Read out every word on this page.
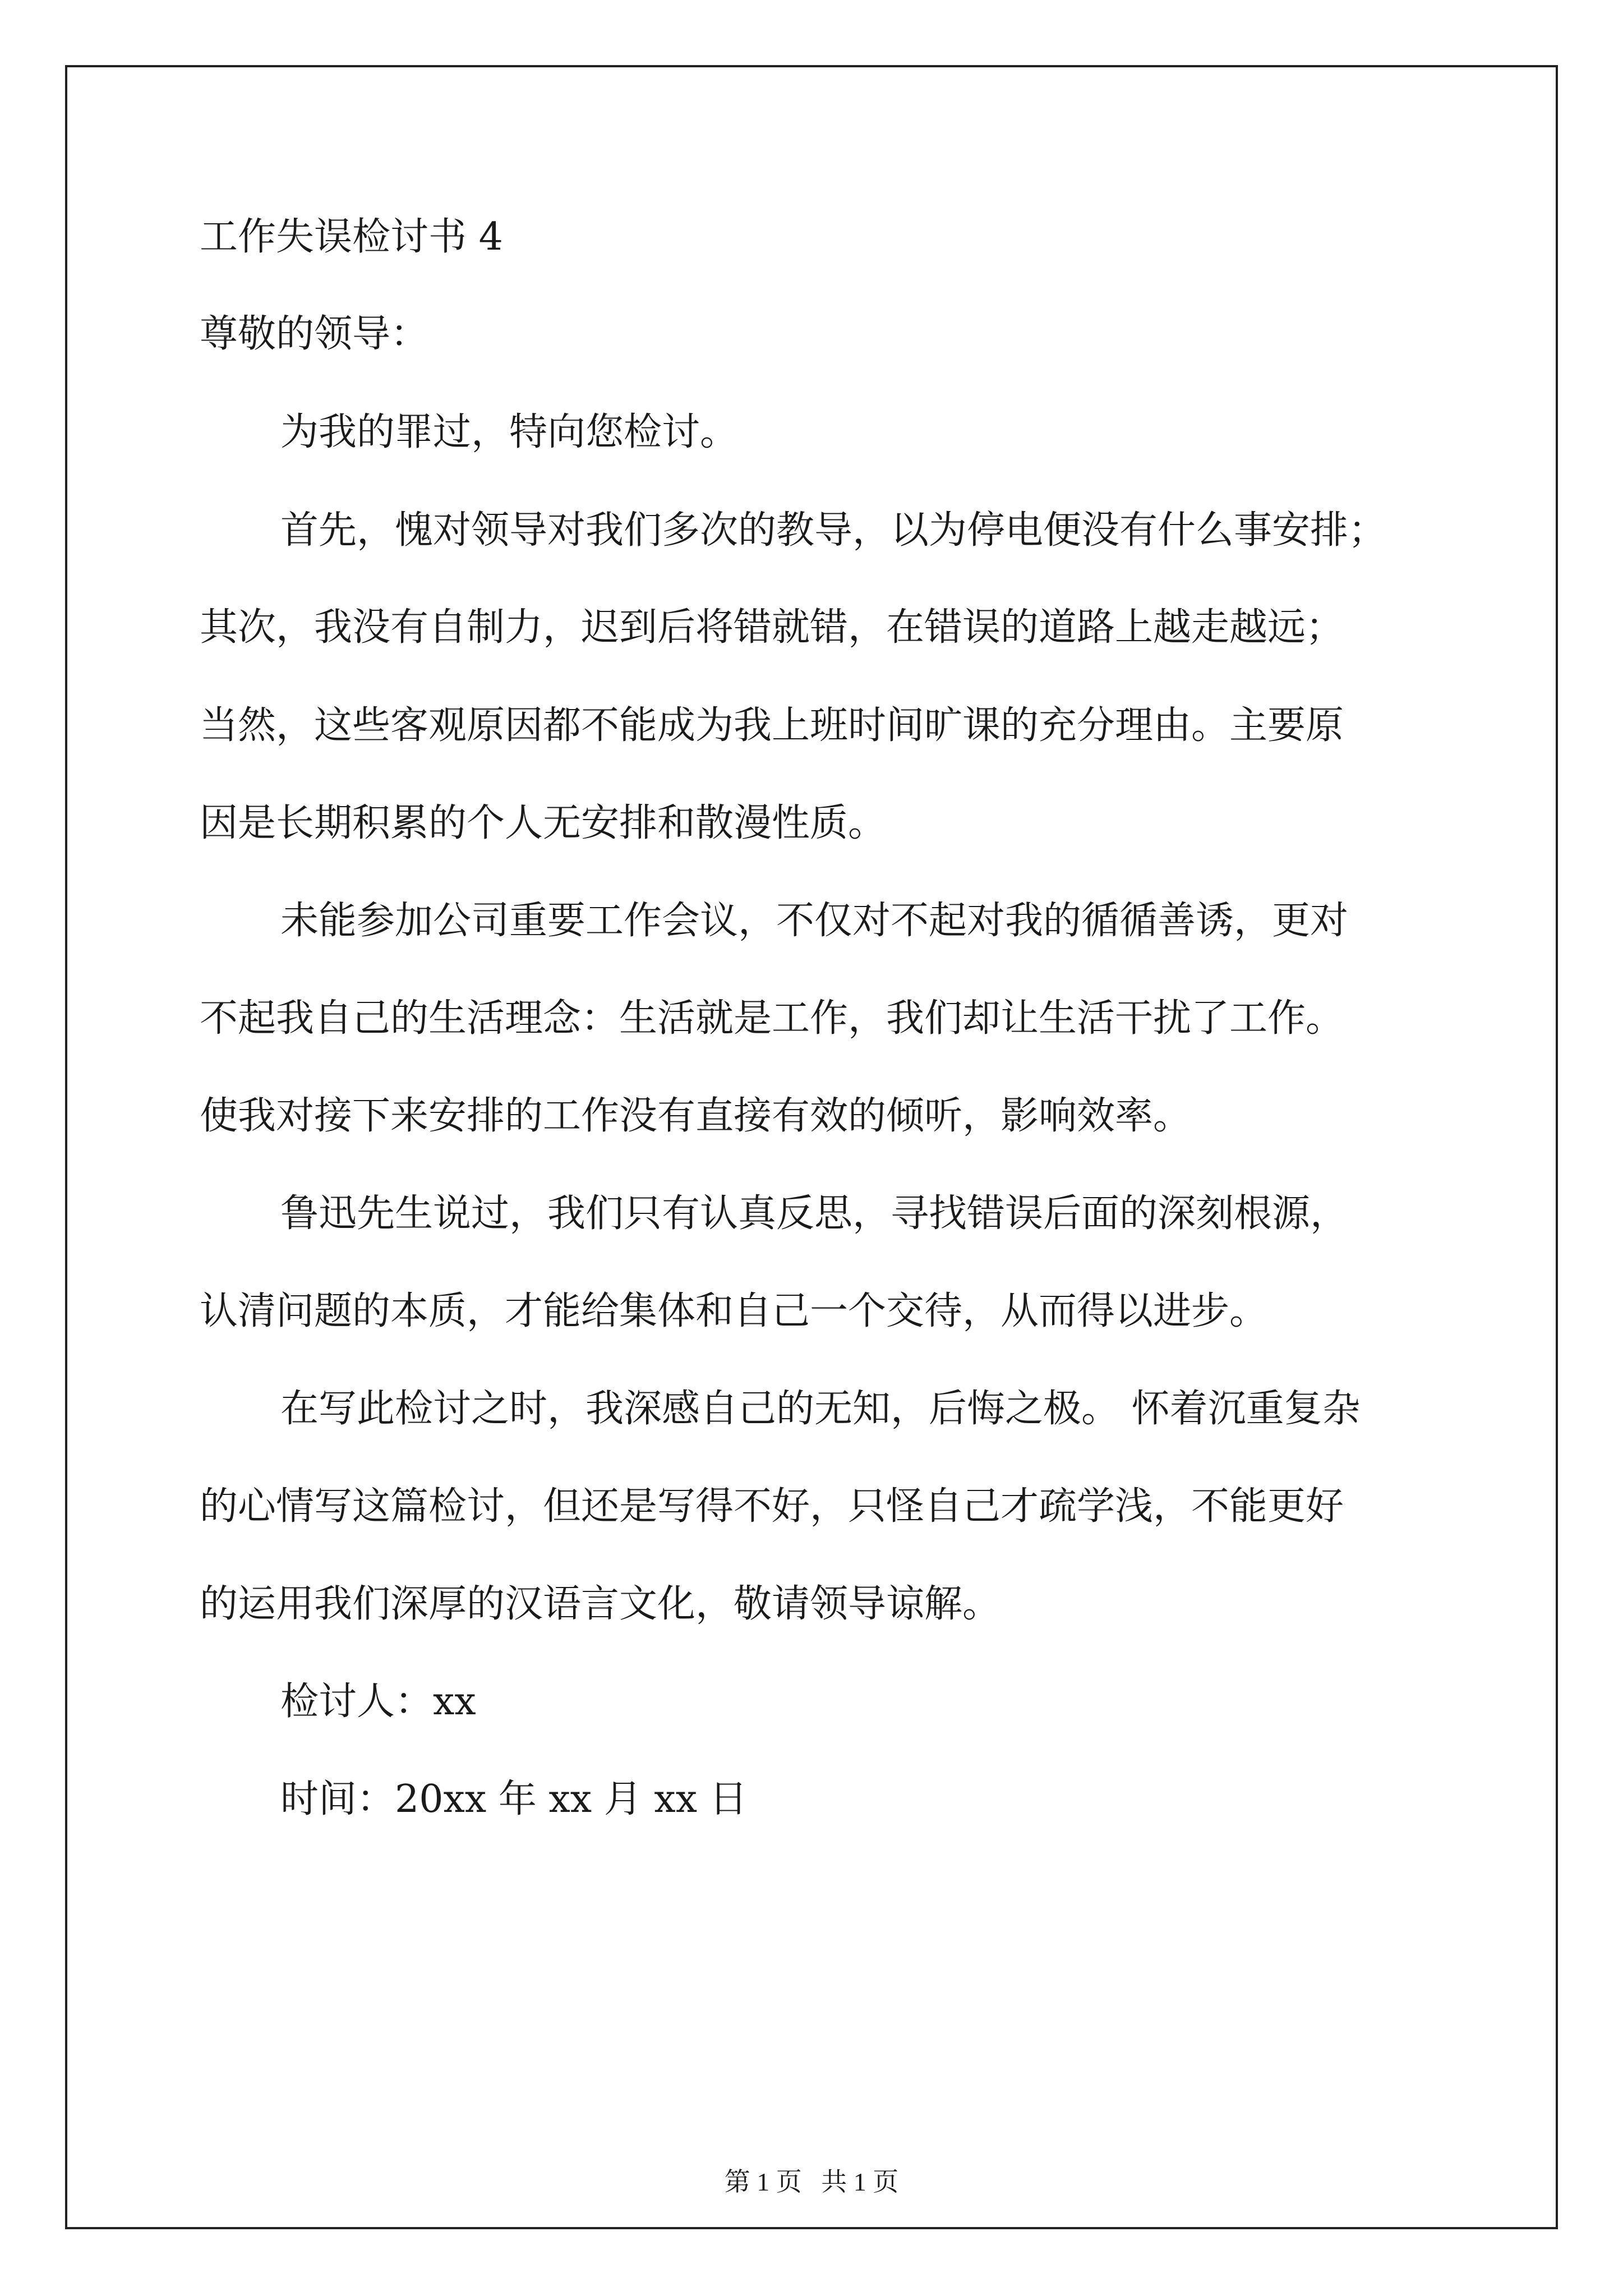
工作失误检讨书 4

尊敬的领导：

为我的罪过，特向您检讨。

首先，愧对领导对我们多次的教导，以为停电便没有什么事安排；

其次，我没有自制力，迟到后将错就错，在错误的道路上越走越远；

当然，这些客观原因都不能成为我上班时间旷课的充分理由。主要原

因是长期积累的个人无安排和散漫性质。

未能参加公司重要工作会议，不仅对不起对我的循循善诱，更对

不起我自己的生活理念：生活就是工作，我们却让生活干扰了工作。

使我对接下来安排的工作没有直接有效的倾听，影响效率。

鲁迅先生说过，我们只有认真反思，寻找错误后面的深刻根源，

认清问题的本质，才能给集体和自己一个交待，从而得以进步。

在写此检讨之时，我深感自己的无知，后悔之极。 怀着沉重复杂

的心情写这篇检讨，但还是写得不好，只怪自己才疏学浅，不能更好

的运用我们深厚的汉语言文化，敬请领导谅解。

检讨人：xx

时间：20xx 年 xx 月 xx 日

第 1 页   共 1 页
